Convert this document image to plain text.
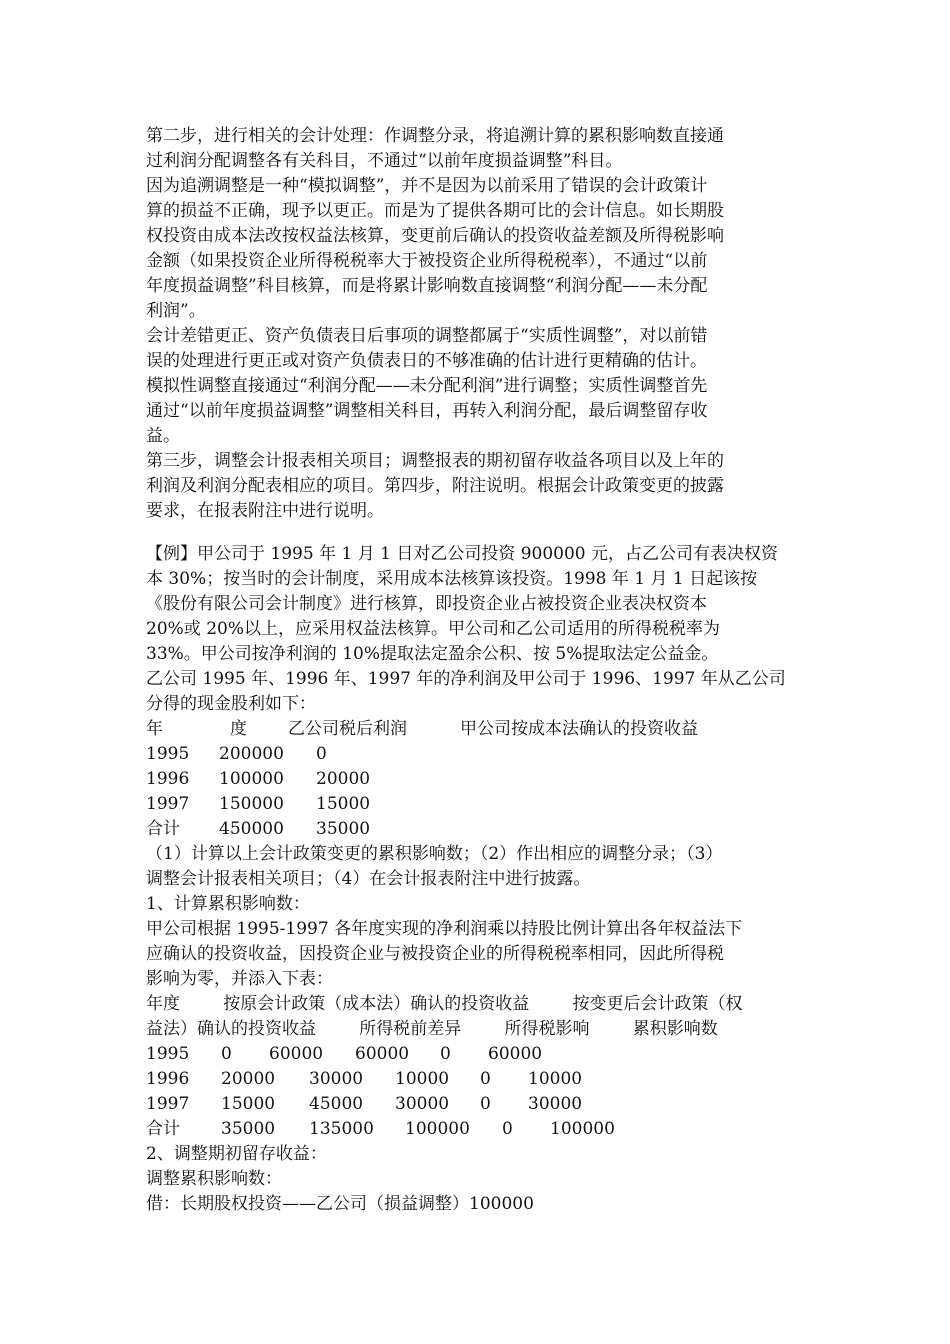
第二步，进行相关的会计处理：作调整分录，将追溯计算的累积影响数直接通
过利润分配调整各有关科目，不通过“以前年度损益调整”科目。
因为追溯调整是一种“模拟调整”，并不是因为以前采用了错误的会计政策计
算的损益不正确，现予以更正。而是为了提供各期可比的会计信息。如长期股
权投资由成本法改按权益法核算，变更前后确认的投资收益差额及所得税影响
金额（如果投资企业所得税税率大于被投资企业所得税税率），不通过“以前
年度损益调整”科目核算，而是将累计影响数直接调整“利润分配——未分配
利润”。
会计差错更正、资产负债表日后事项的调整都属于“实质性调整”，对以前错
误的处理进行更正或对资产负债表日的不够准确的估计进行更精确的估计。
模拟性调整直接通过“利润分配——未分配利润”进行调整；实质性调整首先
通过“以前年度损益调整”调整相关科目，再转入利润分配，最后调整留存收
益。
第三步，调整会计报表相关项目；调整报表的期初留存收益各项目以及上年的
利润及利润分配表相应的项目。第四步，附注说明。根据会计政策变更的披露
要求，在报表附注中进行说明。
【例】甲公司于 1995 年 1 月 1 日对乙公司投资 900000 元，占乙公司有表决权资
本 30%；按当时的会计制度，采用成本法核算该投资。1998 年 1 月 1 日起该按
《股份有限公司会计制度》进行核算，即投资企业占被投资企业表决权资本
20%或 20%以上，应采用权益法核算。甲公司和乙公司适用的所得税税率为
33%。甲公司按净利润的 10%提取法定盈余公积、按 5%提取法定公益金。
乙公司 1995 年、1996 年、1997 年的净利润及甲公司于 1996、1997 年从乙公司
分得的现金股利如下：
年	度	乙公司税后利润	甲公司按成本法确认的投资收益
1995	200000	0
1996	100000	20000
1997	150000	15000
合计	450000	35000
（1）计算以上会计政策变更的累积影响数；（2）作出相应的调整分录；（3）
调整会计报表相关项目；（4）在会计报表附注中进行披露。
1、计算累积影响数：
甲公司根据 1995-1997 各年度实现的净利润乘以持股比例计算出各年权益法下
应确认的投资收益，因投资企业与被投资企业的所得税税率相同，因此所得税
影响为零，并添入下表：
年度        按原会计政策（成本法）确认的投资收益        按变更后会计政策（权
益法）确认的投资收益        所得税前差异        所得税影响        累积影响数
1995	0	60000	60000	0	60000
1996	20000	30000	10000	0	10000
1997	15000	45000	30000	0	30000
合计	35000	135000	100000	0	100000
2、调整期初留存收益：
调整累积影响数：
借：长期股权投资——乙公司（损益调整）100000
